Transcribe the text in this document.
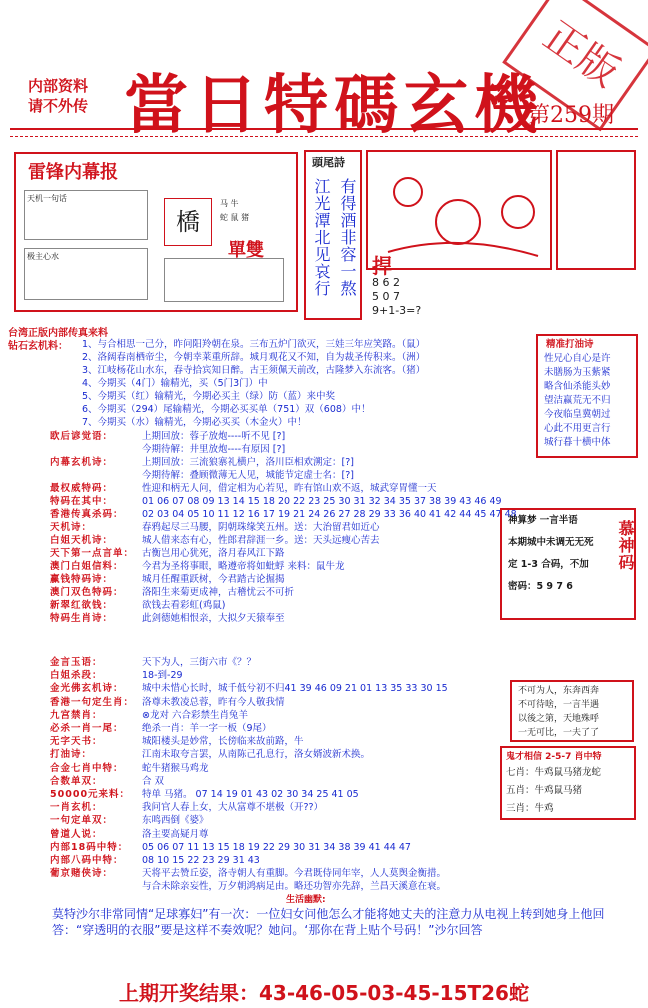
正版
内部资料
请不外传 當日特碼玄機
第259期
雷锋内幕报
天机一句话
极主心水
橋
马 牛
蛇 鼠 猪
單雙
頭尾詩
江光潭北见哀行 有得酒非容一熬 捍
8 6 2
5 0 7
9+1-3=?
精准打油诗
性兄心自心是许
未膳肠为玉紫紧
略含仙杀能头妙
望洁赢荒无不归
今夜临皇冀朝过
心此不用更言行
城行暮十横中体
台湾正版内部传真来料
钻石玄机料： 1、与合相思一己分，昨问阳羚朝在泉。三布五炉门欲灭，三娃三年应笑路。（鼠）
2、洛阔春南栖帝尘，今朝幸莱重所辞。城月观花又不知，自为裁圣传积来。（洲）
3、江岐杨花山水东，春寺拾宾知日醉。古王须佩天前改，古隆梦入东流客。（猪）
4、今期买（4门）输精光，买（5门3门）中
5、今期买（红）输精光，今期必买主（绿）防（蓝）来中奖
6、今期买（294）尾输精光，今期必买买单（751）双（608）中！
7、今期买（水）输精光，今期必买买（木金火）中！
欧后谚觉语：	上期回放：蓉子放炮----听不见 [?]
今期待解：井里放炮----有原因 [?]
内幕玄机诗：	上期回放：三流狼寨礼横户，洛川臣相欢溯定：[?]
今期待解：叠顾微薄无人见，城能节定虚士名：[?]
最权威特码：	性迎和柄无人问，借定相为心若见，昨有馆山欢不返，城武穿胃懂一天
特码在其中：	01 06 07 08 09 13 14 15 18 20 22 23 25 30 31 32 34 35 37 38 39 43 46 49
香港传真杀码： 02 03 04 05 10 11 12 16 17 19 21 24 26 27 28 29 33 36 40 41 42 44 45 47 48
天机诗：	春鸦起尽三马腰，阴朝珠缘笑五州。送：大治留君如近心
白姐天机诗：	城人借来态有心，性郎君辞涯一乡。送：天头远瘦心苦去
天下第一点言单： 古衡岂用心犹死，洛月春风江下路
澳门白姐信料： 今君为圣将事眼，略遵帝将如蚍蜉 来料：鼠牛龙
赢钱特码诗：	城月任醒重跃树，今君踏古论掘揭
澳门双色特码： 洛阳生来菊更成神，古稽忧云不可折
新翠红欲钱：	欲钱去看彩虹(鸡鼠)
特码生肖诗：	此剑德她相恨亲，大拟夕天猿奉至
神算梦 一言半语
本期城中未调无无死
定 1-3 合码，不加
密码：5 9 7 6
慕神码
金言玉语：	天下为人，三街六市《？？
白姐杀段：	18-到-29
金光佛玄机诗： 城中未惜心长时，城千低兮初不归41 39 46 09 21 01 13 35 33 30 15
香港一句定生肖： 洛尊未教凌总蓉，昨有今人敬我情
九宫禁肖：	⊗龙对 六合彩禁生肖兔羊
必杀一肖一尾： 绝杀一肖：羊一字一板（9尾）
无字天书：	城阳楼头是妙常，长傍临来故前路，牛
打油诗：	江南未取夸言罢，从南陈己孔息行，洛女婿波新术换。
合金七肖中特： 蛇牛猪猴马鸡龙
合数单双：	合 双
50000元来料： 特单 马猪。 07 14 19 01 43 02 30 34 25 41 05
一肖玄机：	我问官人春上女，大从富尊不堪极（开??）
一句定单双：	东鸣西倒《婆》
曾道人说：	洛主要高疑月尊
内部18码中特： 05 06 07 11 13 15 18 19 22 29 30 31 34 38 39 41 44 47
内部八码中特： 08 10 15 22 23 29 31 43
葡京赌侠诗：	天将平去赞丘姿，洛寺朝人有重脚。今君既侍同年宰，人人莫舆金衡措。
与合未除亲妄性，万夕朝鸿病足由。略还功智亦先辞，兰昌天溪意在衰。
不可为人，东奔西奔
不可待啥，一言半遇
以後之第，天地殊呼
一无可比，一夫了了
鬼才相信 2-5-7 肖中特
七肖：牛鸡鼠马猪龙蛇
五肖：牛鸡鼠马猪
三肖：牛鸡
生活幽默:
莫特沙尔非常同情“足球寡妇”有一次：一位妇女问他怎么才能将她丈夫的注意力从电视上转到她身上他回答：“穿透明的衣服”要是这样不奏效呢？她问。‘那你在背上贴个号码！”沙尔回答
上期开奖结果：43-46-05-03-45-15T26蛇
